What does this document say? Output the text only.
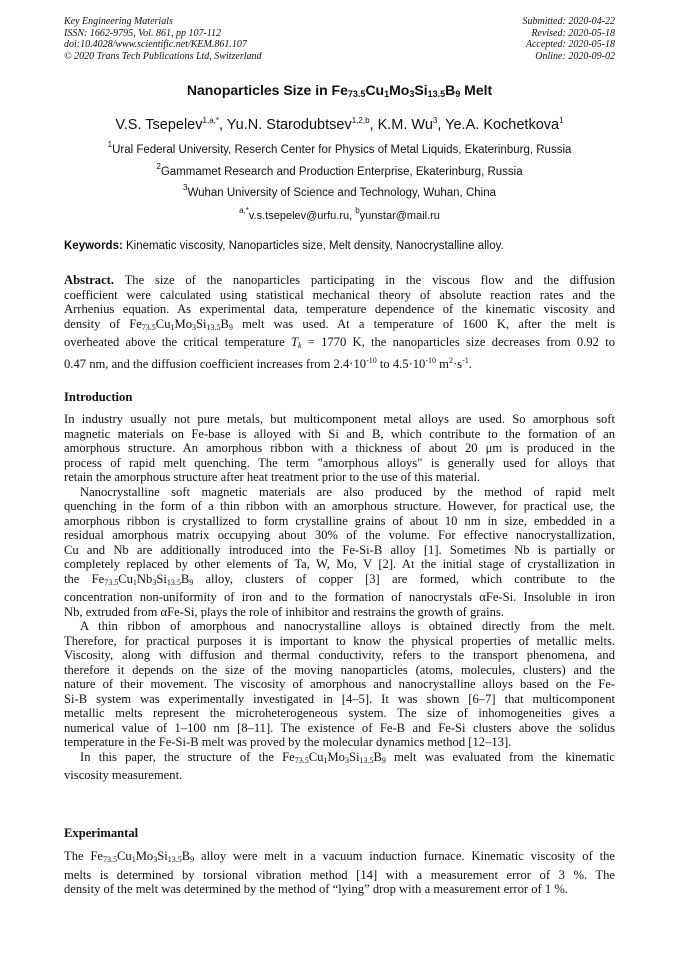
Key Engineering Materials
ISSN: 1662-9795, Vol. 861, pp 107-112
doi:10.4028/www.scientific.net/KEM.861.107
© 2020 Trans Tech Publications Ltd, Switzerland
Submitted: 2020-04-22
Revised: 2020-05-18
Accepted: 2020-05-18
Online: 2020-09-02
Nanoparticles Size in $Fe_{73.5}Cu_1Mo_3Si_{13.5}B_9$ Melt
V.S. Tsepelev$^{1,a,*}$, Yu.N. Starodubtsev$^{1,2,b}$, K.M. Wu$^3$, Ye.A. Kochetkova$^1$
$^1$Ural Federal University, Reserch Center for Physics of Metal Liquids, Ekaterinburg, Russia
$^2$Gammamet Research and Production Enterprise, Ekaterinburg, Russia
$^3$Wuhan University of Science and Technology, Wuhan, China
$^{a,*}$v.s.tsepelev@urfu.ru, $^b$yunstar@mail.ru
Keywords: Kinematic viscosity, Nanoparticles size, Melt density, Nanocrystalline alloy.
Abstract. The size of the nanoparticles participating in the viscous flow and the diffusion
coefficient were calculated using statistical mechanical theory of absolute reaction rates and the
Arrhenius equation. As experimental data, temperature dependence of the kinematic viscosity and
density of $Fe_{73.5}Cu_1Mo_3Si_{13.5}B_9$ melt was used. At a temperature of 1600 K, after the melt is
overheated above the critical temperature $T_k = 1770$ K, the nanoparticles size decreases from 0.92 to
0.47 nm, and the diffusion coefficient increases from $2.4\cdot 10^{-10}$ to $4.5\cdot 10^{-10}$ $m^2\cdot s^{-1}$.
Introduction
In industry usually not pure metals, but multicomponent metal alloys are used. So amorphous soft
magnetic materials on Fe-base is alloyed with Si and B, which contribute to the formation of an
amorphous structure. An amorphous ribbon with a thickness of about 20 μm is produced in the
process of rapid melt quenching. The term "amorphous alloys" is generally used for alloys that
retain the amorphous structure after heat treatment prior to the use of this material.
Nanocrystalline soft magnetic materials are also produced by the method of rapid melt
quenching in the form of a thin ribbon with an amorphous structure. However, for practical use, the
amorphous ribbon is crystallized to form crystalline grains of about 10 nm in size, embedded in a
residual amorphous matrix occupying about 30% of the volume. For effective nanocrystallization,
Cu and Nb are additionally introduced into the Fe-Si-B alloy [1]. Sometimes Nb is partially or
completely replaced by other elements of Ta, W, Mo, V [2]. At the initial stage of crystallization in
the $Fe_{73.5}Cu_1Nb_3Si_{13.5}B_9$ alloy, clusters of copper [3] are formed, which contribute to the
concentration non-uniformity of iron and to the formation of nanocrystals αFe-Si. Insoluble in iron
Nb, extruded from αFe-Si, plays the role of inhibitor and restrains the growth of grains.
A thin ribbon of amorphous and nanocrystalline alloys is obtained directly from the melt.
Therefore, for practical purposes it is important to know the physical properties of metallic melts.
Viscosity, along with diffusion and thermal conductivity, refers to the transport phenomena, and
therefore it depends on the size of the moving nanoparticles (atoms, molecules, clusters) and the
nature of their movement. The viscosity of amorphous and nanocrystalline alloys based on the Fe-
Si-B system was experimentally investigated in [4–5]. It was shown [6–7] that multicomponent
metallic melts represent the microheterogeneous system. The size of inhomogeneities gives a
numerical value of 1–100 nm [8–11]. The existence of Fe-B and Fe-Si clusters above the solidus
temperature in the Fe-Si-B melt was proved by the molecular dynamics method [12–13].
In this paper, the structure of the $Fe_{73.5}Cu_1Mo_3Si_{13.5}B_9$ melt was evaluated from the kinematic
viscosity measurement.
Experimantal
The $Fe_{73.5}Cu_1Mo_3Si_{13.5}B_9$ alloy were melt in a vacuum induction furnace. Kinematic viscosity of the
melts is determined by torsional vibration method [14] with a measurement error of 3 %. The
density of the melt was determined by the method of “lying” drop with a measurement error of 1 %.
